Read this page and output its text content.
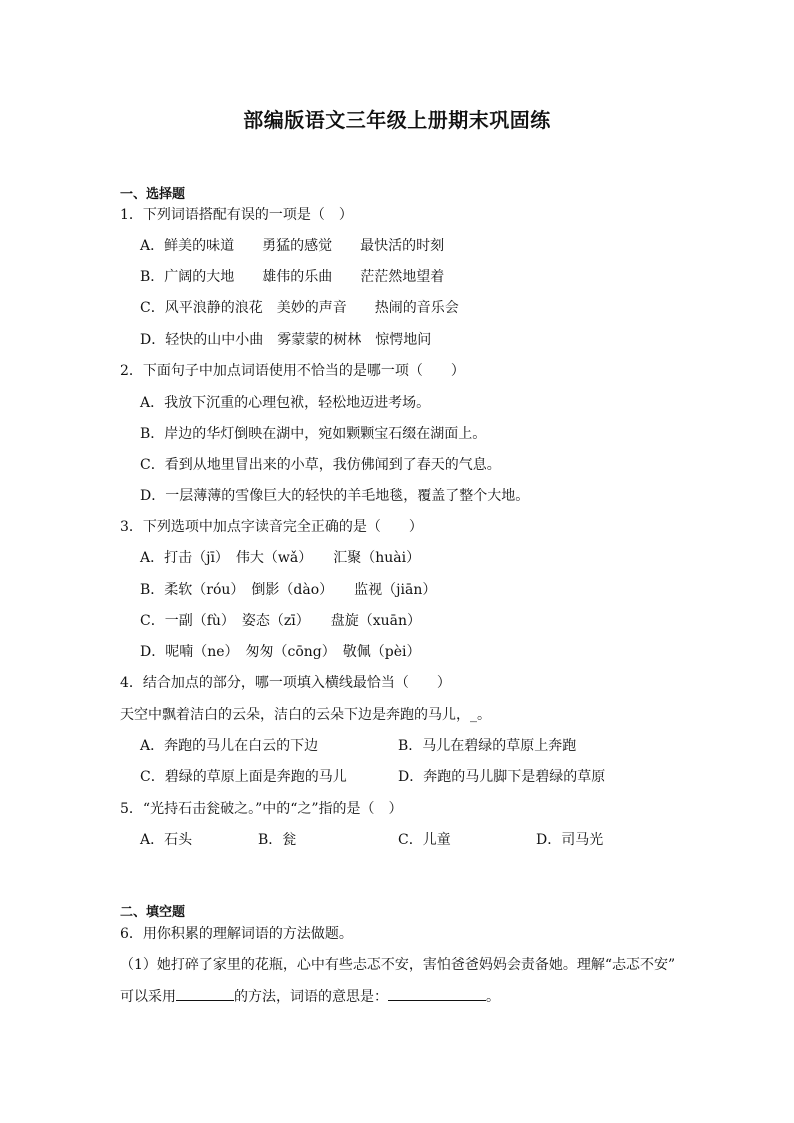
部编版语文三年级上册期末巩固练
一、选择题
1．下列词语搭配有误的一项是（　）
A．鲜美的味道　　勇猛的感觉　　最快活的时刻
B．广阔的大地　　雄伟的乐曲　　茫茫然地望着
C．风平浪静的浪花　美妙的声音　　热闹的音乐会
D．轻快的山中小曲　雾蒙蒙的树林　惊愕地问
2．下面句子中加点词语使用不恰当的是哪一项（　　）
A．我放下沉重的心理包袱，轻松地迈进考场。
B．岸边的华灯倒映在湖中，宛如颗颗宝石缀在湖面上。
C．看到从地里冒出来的小草，我仿佛闻到了春天的气息。
D．一层薄薄的雪像巨大的轻快的羊毛地毯，覆盖了整个大地。
3．下列选项中加点字读音完全正确的是（　　）
A．打击（jī）　伟大（wǎ）　　汇聚（huài）
B．柔软（róu）　倒影（dào）　　监视（jiān）
C．一副（fù）　姿态（zī）　　盘旋（xuān）
D．呢喃（ne）　匆匆（cōng）　敬佩（pèi）
4．结合加点的部分，哪一项填入横线最恰当（　　）
天空中飘着洁白的云朵，洁白的云朵下边是奔跑的马儿，_。
A．奔跑的马儿在白云的下边	B．马儿在碧绿的草原上奔跑
C．碧绿的草原上面是奔跑的马儿	D．奔跑的马儿脚下是碧绿的草原
5．“光持石击瓮破之。”中的“之”指的是（　）
A．石头	B．瓮	C．儿童	D．司马光
二、填空题
6．用你积累的理解词语的方法做题。
（1）她打碎了家里的花瓶，心中有些忐忑不安，害怕爸爸妈妈会责备她。理解“忐忑不安”
可以采用	的方法，词语的意思是：	。
